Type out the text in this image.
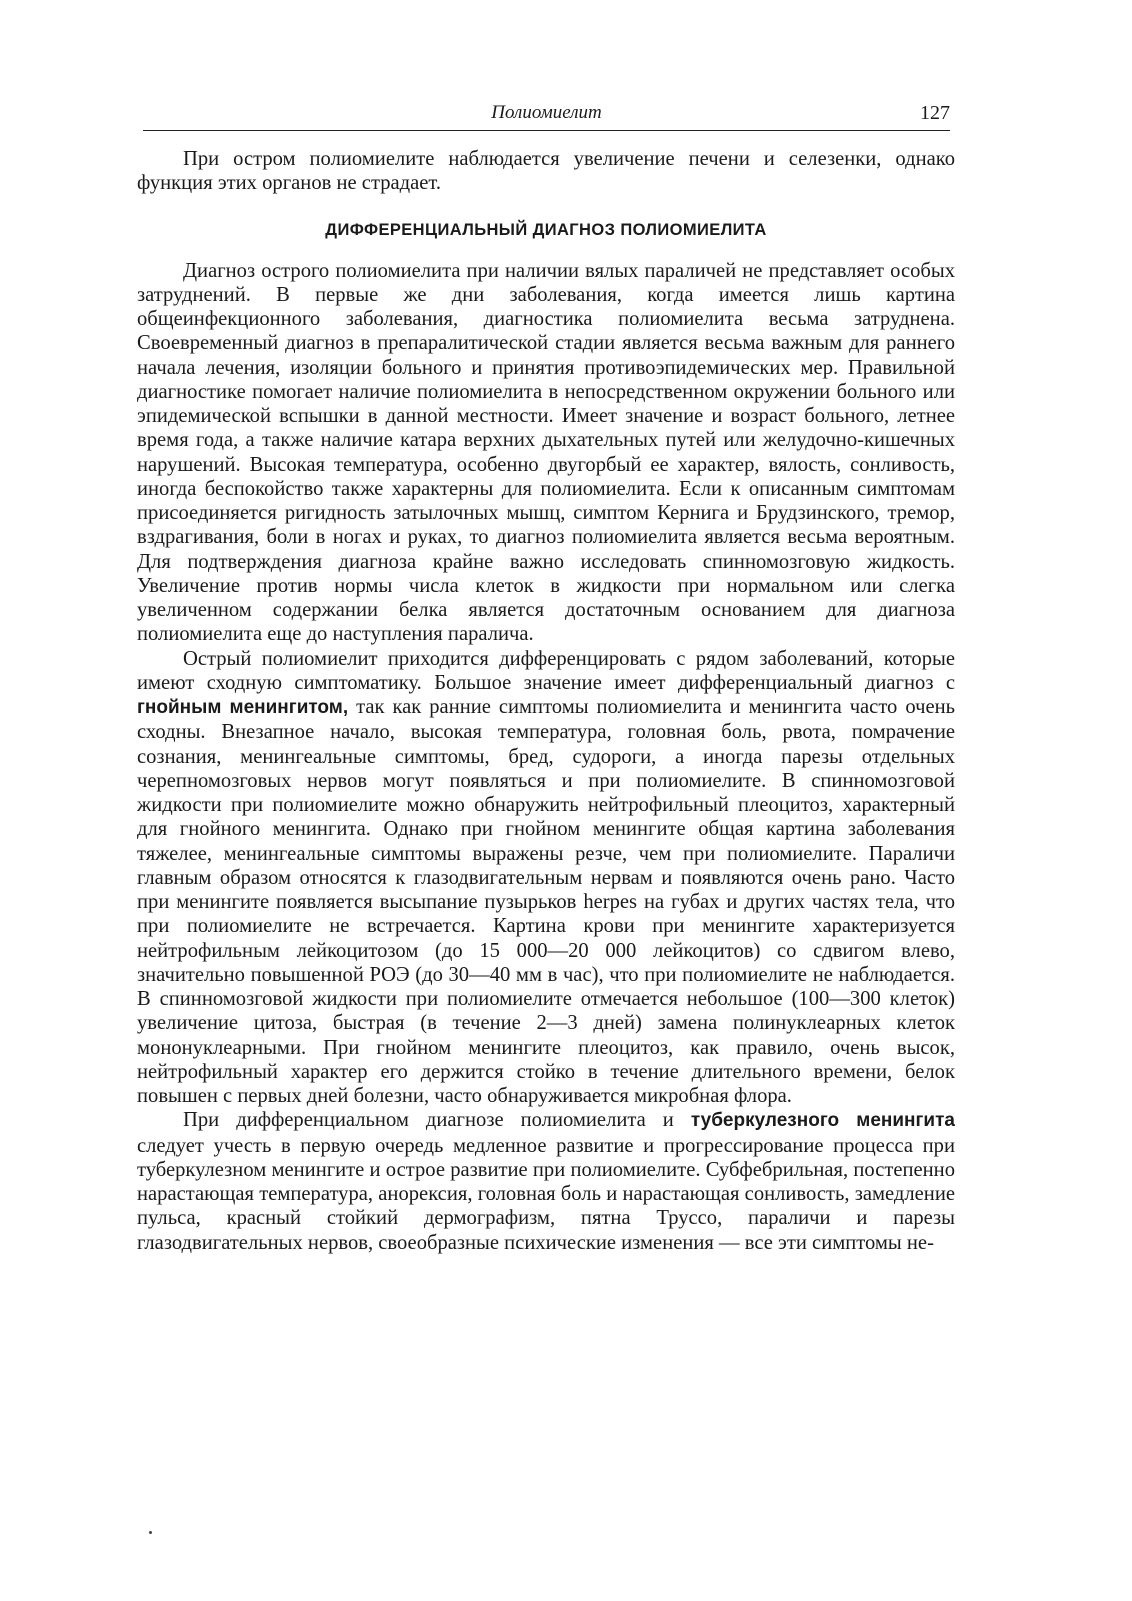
Полиомиелит	127

При остром полиомиелите наблюдается увеличение печени и селезенки, однако функция этих органов не страдает.

ДИФФЕРЕНЦИАЛЬНЫЙ ДИАГНОЗ ПОЛИОМИЕЛИТА

Диагноз острого полиомиелита при наличии вялых параличей не представляет особых затруднений. В первые же дни заболевания, когда имеется лишь картина общеинфекционного заболевания, диагностика полиомиелита весьма затруднена. Своевременный диагноз в препаралитической стадии является весьма важным для раннего начала лечения, изоляции больного и принятия противоэпидемических мер. Правильной диагностике помогает наличие полиомиелита в непосредственном окружении больного или эпидемической вспышки в данной местности. Имеет значение и возраст больного, летнее время года, а также наличие катара верхних дыхательных путей или желудочно-кишечных нарушений. Высокая температура, особенно двугорбый ее характер, вялость, сонливость, иногда беспокойство также характерны для полиомиелита. Если к описанным симптомам присоединяется ригидность затылочных мышц, симптом Кернига и Брудзинского, тремор, вздрагивания, боли в ногах и руках, то диагноз полиомиелита является весьма вероятным. Для подтверждения диагноза крайне важно исследовать спинномозговую жидкость. Увеличение против нормы числа клеток в жидкости при нормальном или слегка увеличенном содержании белка является достаточным основанием для диагноза полиомиелита еще до наступления паралича.

Острый полиомиелит приходится дифференцировать с рядом заболеваний, которые имеют сходную симптоматику. Большое значение имеет дифференциальный диагноз с гнойным менингитом, так как ранние симптомы полиомиелита и менингита часто очень сходны. Внезапное начало, высокая температура, головная боль, рвота, помрачение сознания, менингеальные симптомы, бред, судороги, а иногда парезы отдельных черепномозговых нервов могут появляться и при полиомиелите. В спинномозговой жидкости при полиомиелите можно обнаружить нейтрофильный плеоцитоз, характерный для гнойного менингита. Однако при гнойном менингите общая картина заболевания тяжелее, менингеальные симптомы выражены резче, чем при полиомиелите. Параличи главным образом относятся к глазодвигательным нервам и появляются очень рано. Часто при менингите появляется высыпание пузырьков herpes на губах и других частях тела, что при полиомиелите не встречается. Картина крови при менингите характеризуется нейтрофильным лейкоцитозом (до 15 000—20 000 лейкоцитов) со сдвигом влево, значительно повышенной РОЭ (до 30—40 мм в час), что при полиомиелите не наблюдается. В спинномозговой жидкости при полиомиелите отмечается небольшое (100—300 клеток) увеличение цитоза, быстрая (в течение 2—3 дней) замена полинуклеарных клеток мононуклеарными. При гнойном менингите плеоцитоз, как правило, очень высок, нейтрофильный характер его держится стойко в течение длительного времени, белок повышен с первых дней болезни, часто обнаруживается микробная флора.

При дифференциальном диагнозе полиомиелита и туберкулезного менингита следует учесть в первую очередь медленное развитие и прогрессирование процесса при туберкулезном менингите и острое развитие при полиомиелите. Субфебрильная, постепенно нарастающая температура, анорексия, головная боль и нарастающая сонливость, замедление пульса, красный стойкий дермографизм, пятна Труссо, параличи и парезы глазодвигательных нервов, своеобразные психические изменения — все эти симптомы не-
